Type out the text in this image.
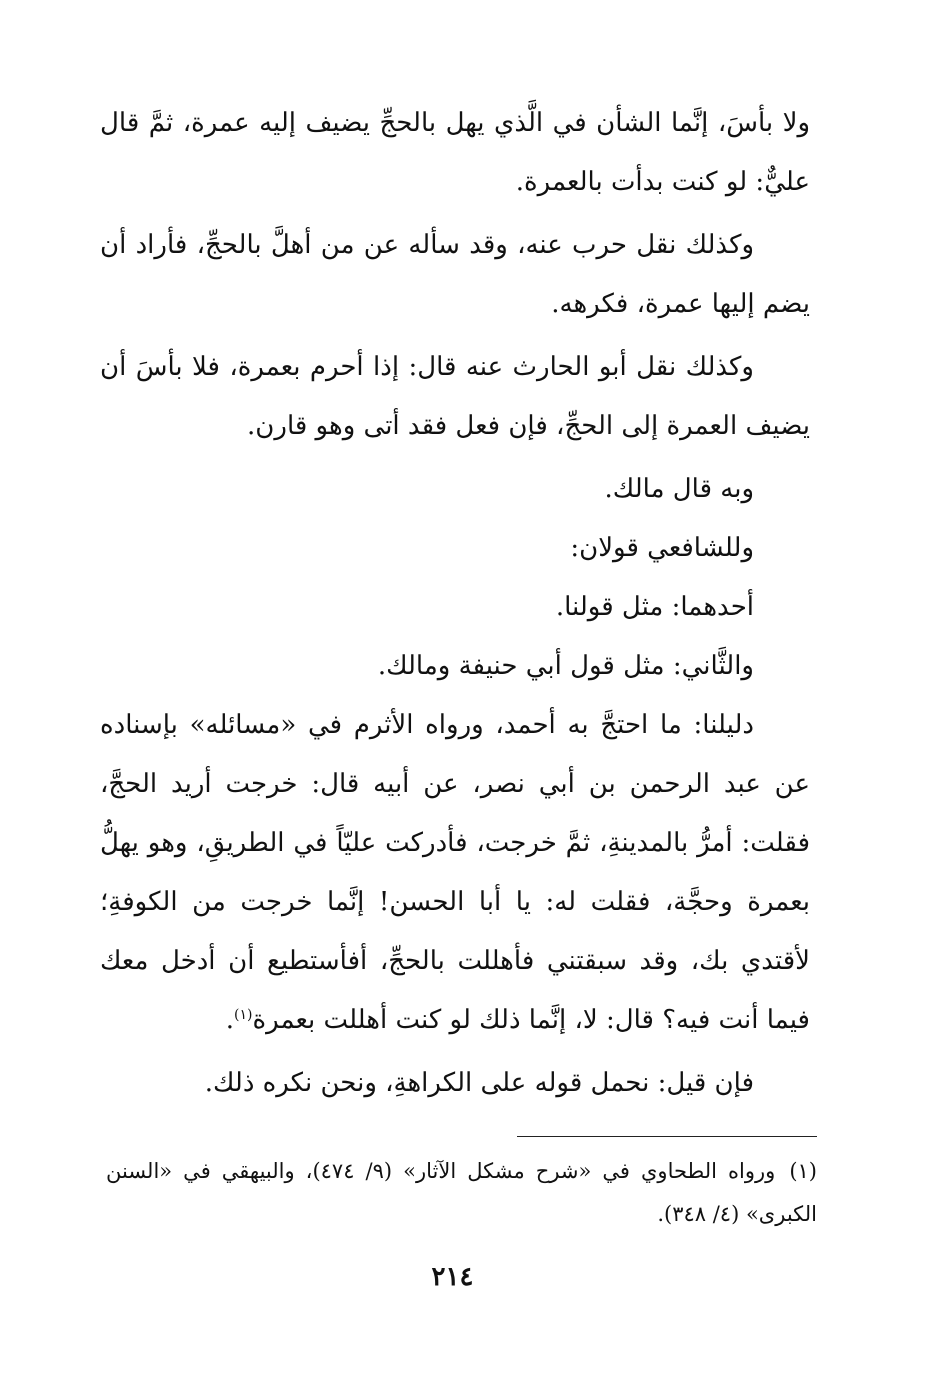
ولا بأسَ، إنَّما الشأن في الَّذي يهل بالحجِّ يضيف إليه عمرة، ثمَّ قال عليٌّ: لو كنت بدأت بالعمرة.

وكذلك نقل حرب عنه، وقد سأله عن من أهلَّ بالحجِّ، فأراد أن يضم إليها عمرة، فكرهه.

وكذلك نقل أبو الحارث عنه قال: إذا أحرم بعمرة، فلا بأسَ أن يضيف العمرة إلى الحجِّ، فإن فعل فقد أتى وهو قارن.

وبه قال مالك.

وللشافعي قولان:

أحدهما: مثل قولنا.

والثَّاني: مثل قول أبي حنيفة ومالك.

دليلنا: ما احتجَّ به أحمد، ورواه الأثرم في «مسائله» بإسناده عن عبد الرحمن بن أبي نصر، عن أبيه قال: خرجت أريد الحجَّ، فقلت: أمرُّ بالمدينةِ، ثمَّ خرجت، فأدركت عليّاً في الطريقِ، وهو يهلُّ بعمرة وحجَّة، فقلت له: يا أبا الحسن! إنَّما خرجت من الكوفةِ؛ لأقتدي بك، وقد سبقتني فأهللت بالحجِّ، أفأستطيع أن أدخل معك فيما أنت فيه؟ قال: لا، إنَّما ذلك لو كنت أهللت بعمرة$^{(١)}$.

فإن قيل: نحمل قوله على الكراهةِ، ونحن نكره ذلك.

(١)ورواه الطحاوي في «شرح مشكل الآثار» (٩/ ٤٧٤)، والبيهقي في «السنن الكبرى» (٤/ ٣٤٨).
٢١٤
